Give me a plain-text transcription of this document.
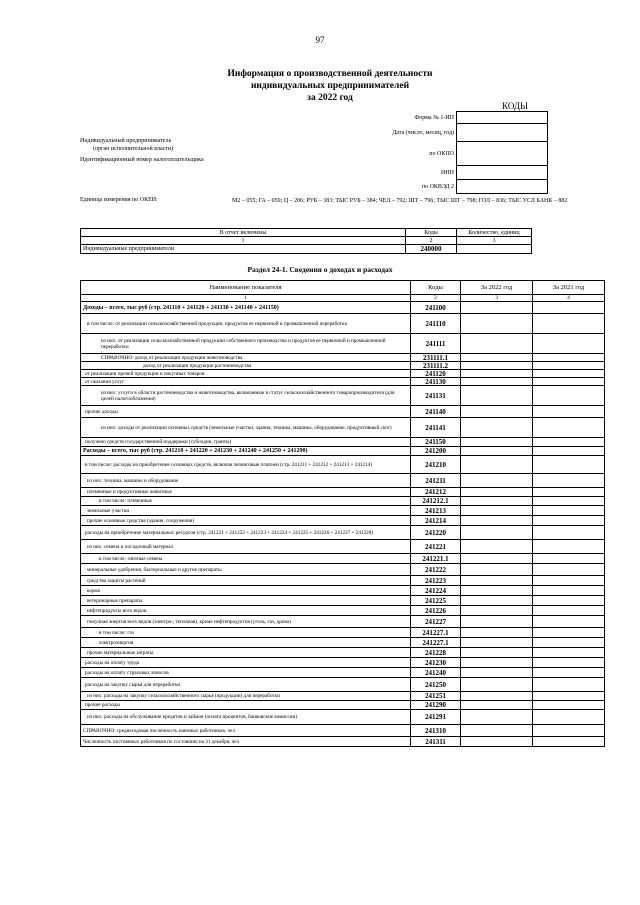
97
Информация о производственной деятельности
индивидуальных предпринимателей
за 2022 год
КОДЫ
Форма № 1-ИП	
Дата (число, месяц, год)	
по ОКПО	
ИНН	
по ОКВЭД 2	
Индивидуальный предприниматель
(орган исполнительной власти)
Идентификационный номер налогоплательщика
Единица измерения по ОКЕИ:	М2 – 055; ГА – 059; Ц – 206; РУБ – 383; ТЫС РУБ – 384; ЧЕЛ – 792; ШТ – 796; ТЫС ШТ – 798; ГОЛ – 836; ТЫС УСЛ БАНК – 882
В отчет включены	Коды	Количество, единиц
1	2	3
Индивидуальные предприниматели	240000	
Раздел 24-1. Сведения о доходах и расходах
Наименование показателя	Коды	За 2022 год	За 2021 год
1	2	3	4
Доходы – всего, тыс руб (стр. 241110 + 241120 + 241130 + 241140 + 241150)	241100		
в том числе: от реализации сельскохозяйственной продукции, продуктов ее первичной и промышленной переработки	241110		
из них: от реализации сельскохозяйственной продукции собственного производства и продуктов ее первичной и промышленной переработки	241111		
СПРАВОЧНО: доход от реализации продукции животноводства	231111.1		
доход от реализации продукции растениеводства	231111.2		
от реализации прочей продукции и покупных товаров	241120		
от оказания услуг	241130		
из них: услуги в области растениеводства и животноводства, включаемые в статус сельскохозяйственного товаропроизводителя (для целей налогообложения)	241131		
прочие доходы	241140		
из них: доходы от реализации основных средств (земельные участки, здания, техника, машины, оборудование, продуктивный скот)	241141		
получено средств государственной поддержки (субсидии, гранты)	241150		
Расходы – всего, тыс руб (стр. 241210 + 241220 + 241230 + 241240 + 241250 + 241290)	241200		
в том числе: расходы на приобретение основных средств, включая лизинговые платежи (стр. 241211 + 241212 + 241213 + 241214)	241210		
из них: техника, машины и оборудование	241211		
племенные и продуктивные животные	241212		
в том числе: племенные	241212.1		
земельные участки	241213		
прочие основные средства (здания, сооружения)	241214		
расходы на приобретение материальных ресурсов (стр. 241221 + 241222 + 241223 + 241224 + 241225 + 241226 + 241227 + 241228)	241220		
из них: семена и посадочный материал	241221		
в том числе: элитные семена	241221.1		
минеральные удобрения, бактериальные и другие препараты	241222		
средства защиты растений	241223		
корма	241224		
ветеринарные препараты	241225		
нефтепродукты всех видов	241226		
покупная энергия всех видов (электро-, тепловая), кроме нефтепродуктов (уголь, газ, дрова)	241227		
в том числе: газ	241227.1		
электроэнергия	241227.1		
прочие материальные затраты	241228		
расходы на оплату труда	241230		
расходы на оплату страховых взносов	241240		
расходы на закупку сырья для переработки	241250		
из них: расходы на закупку сельскохозяйственного сырья (продукции) для переработки	241251		
прочие расходы	241290		
из них: расходы на обслуживание кредитов и займов (оплата процентов, банковские комиссии)	241291		
СПРАВОЧНО: среднегодовая численность наемных работников, чел	241310		
Численность постоянных работников по состоянию на 31 декабря, чел	241311		
